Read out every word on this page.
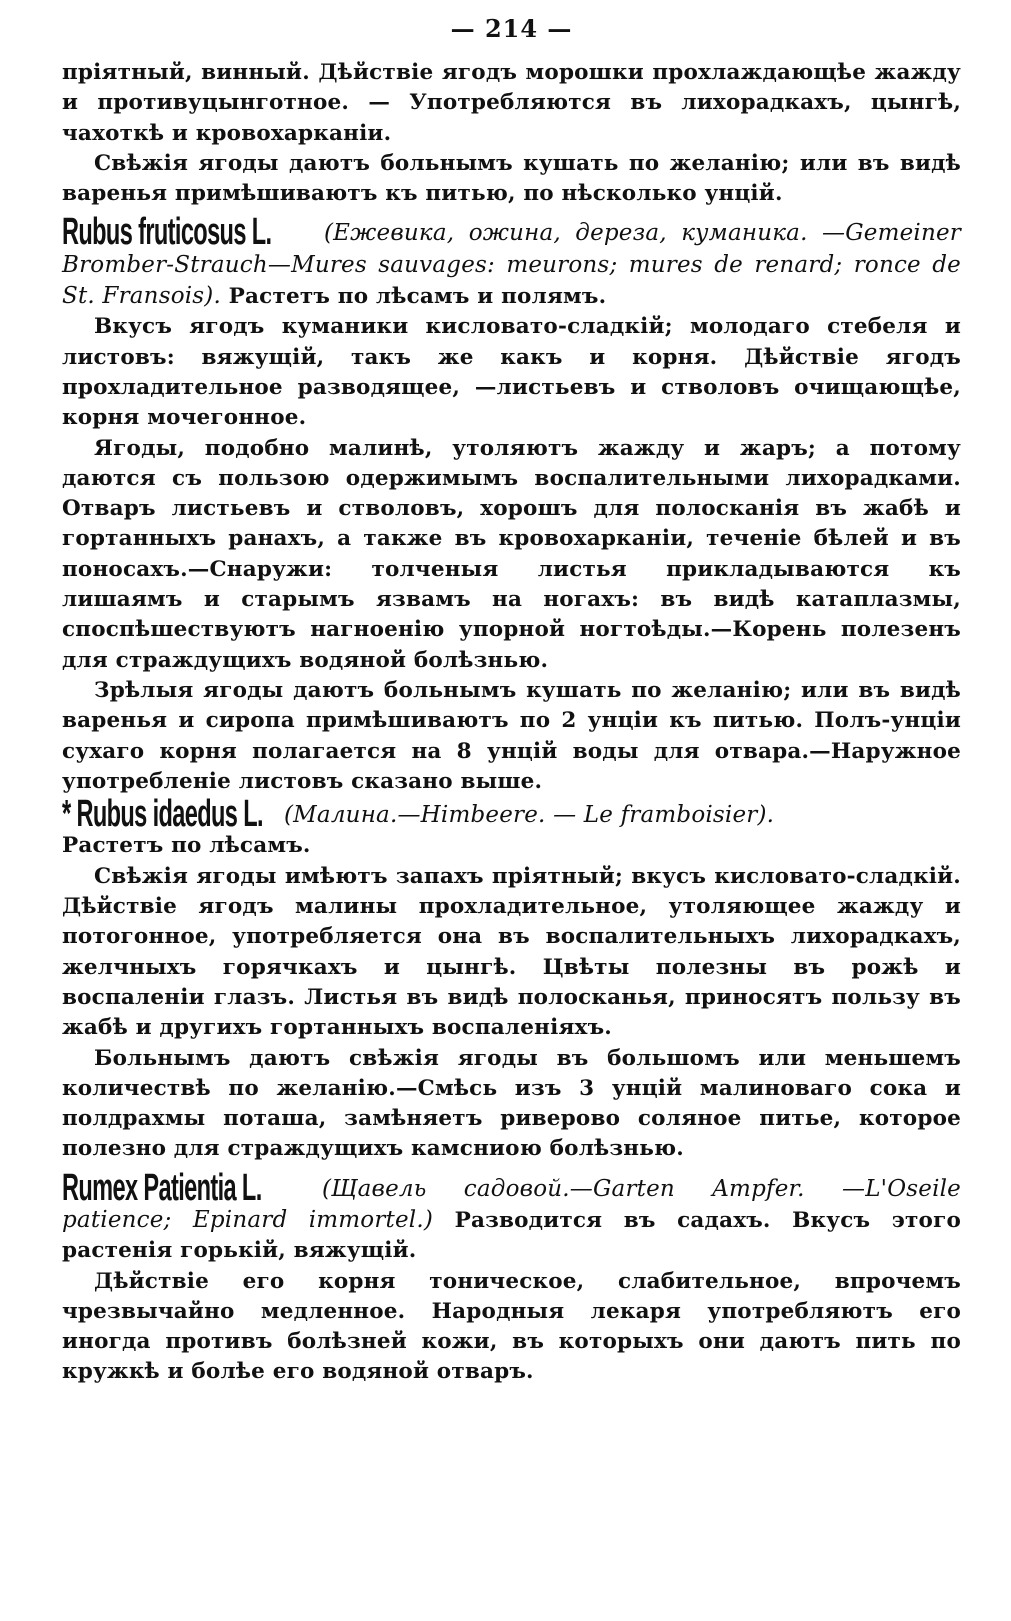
— 214 —

пріятный, винный. Дѣйствіе ягодъ морошки прохлаждающѣе жажду и противуцынготное. — Употребляются въ лихорадкахъ, цынгѣ, чахоткѣ и кровохарканіи.

Свѣжія ягоды даютъ больнымъ кушать по желанію; или въ видѣ варенья примѣшиваютъ къ питью, по нѣсколько унцій.

Rubus fruticosus L. (Ежевика, ожина, дереза, куманика. —Gemeiner Bromber-Strauch—Mures sauvages: meurons; mures de renard; ronce de St. Fransois). Растетъ по лѣсамъ и полямъ.

Вкусъ ягодъ куманики кисловато-сладкій; молодаго стебеля и листовъ: вяжущій, такъ же какъ и корня. Дѣйствіе ягодъ прохладительное разводящее, —листьевъ и стволовъ очищающѣе, корня мочегонное.

Ягоды, подобно малинѣ, утоляютъ жажду и жаръ; а потому даются съ пользою одержимымъ воспалительными лихорадками. Отваръ листьевъ и стволовъ, хорошъ для полосканія въ жабѣ и гортанныхъ ранахъ, а также въ кровохарканіи, теченіе бѣлей и въ поносахъ.—Снаружи: толченыя листья прикладываются къ лишаямъ и старымъ язвамъ на ногахъ: въ видѣ катаплазмы, споспѣшествуютъ нагноенію упорной ногтоѣды.—Корень полезенъ для страждущихъ водяной болѣзнью.

Зрѣлыя ягоды даютъ больнымъ кушать по желанію; или въ видѣ варенья и сиропа примѣшиваютъ по 2 унціи къ питью. Полъ-унціи сухаго корня полагается на 8 унцій воды для отвара.—Наружное употребленіе листовъ сказано выше.

* Rubus idaedus L. (Малина.—Himbeere. — Le framboisier).

Растетъ по лѣсамъ.

Свѣжія ягоды имѣютъ запахъ пріятный; вкусъ кисловато-сладкій. Дѣйствіе ягодъ малины прохладительное, утоляющее жажду и потогонное, употребляется она въ воспалительныхъ лихорадкахъ, желчныхъ горячкахъ и цынгѣ. Цвѣты полезны въ рожѣ и воспаленіи глазъ. Листья въ видѣ полосканья, приносятъ пользу въ жабѣ и другихъ гортанныхъ воспаленіяхъ.

Больнымъ даютъ свѣжія ягоды въ большомъ или меньшемъ количествѣ по желанію.—Смѣсь изъ 3 унцій малиноваго сока и полдрахмы поташа, замѣняетъ риверово соляное питье, которое полезно для страждущихъ камсниою болѣзнью.

Rumex Patientia L.	(Щавель садовой.—Garten Ampfer. —L'Oseile patience; Epinard immortel.) Разводится въ садахъ. Вкусъ этого растенія горькій, вяжущій.

Дѣйствіе его корня тоническое, слабительное, впрочемъ чрезвычайно медленное. Народныя лекаря употребляютъ его иногда противъ болѣзней кожи, въ которыхъ они даютъ пить по кружкѣ и болѣе его водяной отваръ.
